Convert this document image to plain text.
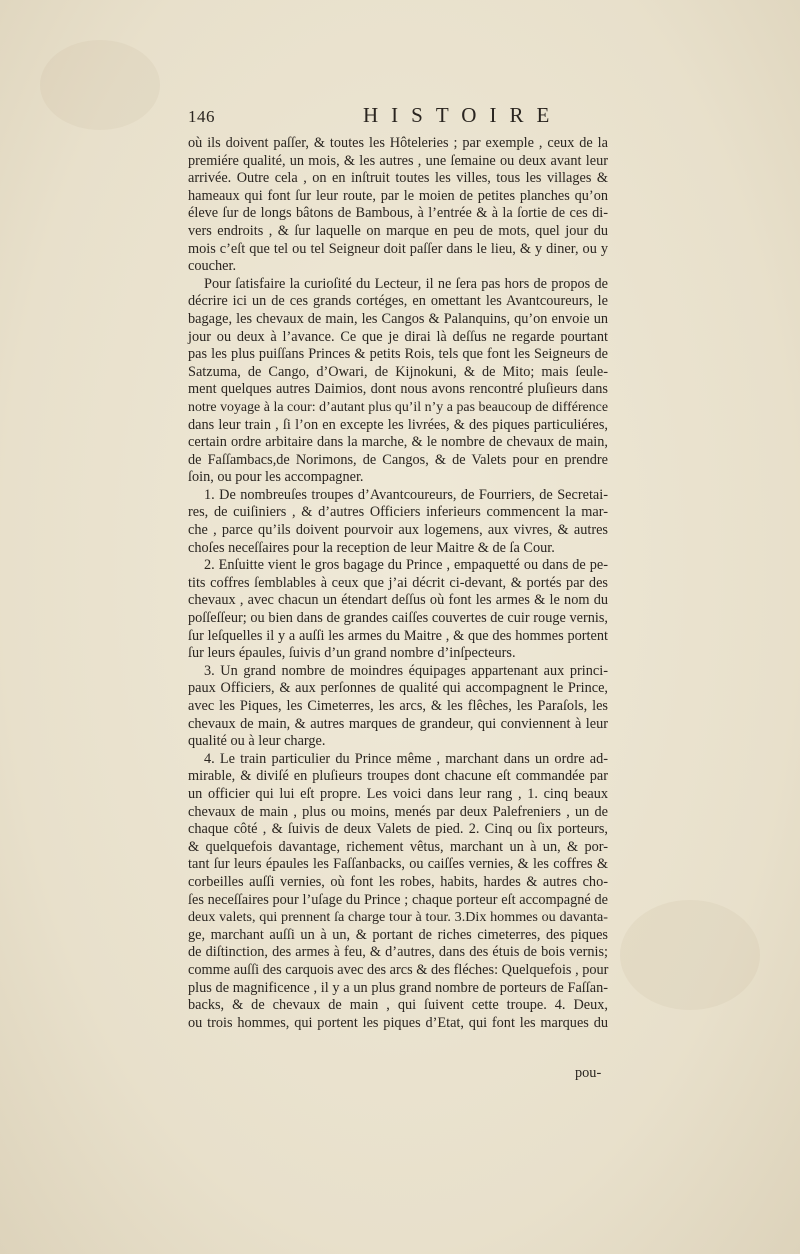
146	HISTOIRE
où ils doivent paſſer, & toutes les Hôteleries ; par exemple , ceux de la
premiére qualité, un mois, & les autres , une ſemaine ou deux avant leur
arrivée. Outre cela , on en inſtruit toutes les villes, tous les villages &
hameaux qui font ſur leur route, par le moien de petites planches qu’on
éleve ſur de longs bâtons de Bambous, à l’entrée & à la ſortie de ces di-
vers endroits , & ſur laquelle on marque en peu de mots, quel jour du
mois c’eſt que tel ou tel Seigneur doit paſſer dans le lieu, & y diner, ou y
coucher.
Pour ſatisfaire la curioſité du Lecteur, il ne ſera pas hors de propos de
décrire ici un de ces grands cortéges, en omettant les Avantcoureurs, le
bagage, les chevaux de main, les Cangos & Palanquins, qu’on envoie un
jour ou deux à l’avance. Ce que je dirai là deſſus ne regarde pourtant
pas les plus puiſſans Princes & petits Rois, tels que font les Seigneurs de
Satzuma, de Cango, d’Owari, de Kijnokuni, & de Mito; mais ſeule-
ment quelques autres Daimios, dont nous avons rencontré pluſieurs dans
notre voyage à la cour: d’autant plus qu’il n’y a pas beaucoup de différence
dans leur train , ſi l’on en excepte les livrées, & des piques particuliéres,
certain ordre arbitaire dans la marche, & le nombre de chevaux de main,
de Faſſambacs,de Norimons, de Cangos, & de Valets pour en prendre
ſoin, ou pour les accompagner.
1. De nombreuſes troupes d’Avantcoureurs, de Fourriers, de Secretai-
res, de cuiſiniers , & d’autres Officiers inferieurs commencent la mar-
che , parce qu’ils doivent pourvoir aux logemens, aux vivres, & autres
choſes neceſſaires pour la reception de leur Maitre & de ſa Cour.
2. Enſuitte vient le gros bagage du Prince , empaquetté ou dans de pe-
tits coffres ſemblables à ceux que j’ai décrit ci-devant, & portés par des
chevaux , avec chacun un étendart deſſus où font les armes & le nom du
poſſeſſeur; ou bien dans de grandes caiſſes couvertes de cuir rouge vernis,
ſur leſquelles il y a auſſi les armes du Maitre , & que des hommes portent
ſur leurs épaules, ſuivis d’un grand nombre d’inſpecteurs.
3. Un grand nombre de moindres équipages appartenant aux princi-
paux Officiers, & aux perſonnes de qualité qui accompagnent le Prince,
avec les Piques, les Cimeterres, les arcs, & les flêches, les Paraſols, les
chevaux de main, & autres marques de grandeur, qui conviennent à leur
qualité ou à leur charge.
4. Le train particulier du Prince même , marchant dans un ordre ad-
mirable, & diviſé en pluſieurs troupes dont chacune eſt commandée par
un officier qui lui eſt propre. Les voici dans leur rang , 1. cinq beaux
chevaux de main , plus ou moins, menés par deux Palefreniers , un de
chaque côté , & ſuivis de deux Valets de pied. 2. Cinq ou ſix porteurs,
& quelquefois davantage, richement vêtus, marchant un à un, & por-
tant ſur leurs épaules les Faſſanbacks, ou caiſſes vernies, & les coffres &
corbeilles auſſi vernies, où font les robes, habits, hardes & autres cho-
ſes neceſſaires pour l’uſage du Prince ; chaque porteur eſt accompagné de
deux valets, qui prennent ſa charge tour à tour. 3.Dix hommes ou davanta-
ge, marchant auſſi un à un, & portant de riches cimeterres, des piques
de diſtinction, des armes à feu, & d’autres, dans des étuis de bois vernis;
comme auſſi des carquois avec des arcs & des fléches: Quelquefois , pour
plus de magnificence , il y a un plus grand nombre de porteurs de Faſſan-
backs, & de chevaux de main , qui ſuivent cette troupe. 4. Deux,
ou trois hommes, qui portent les piques d’Etat, qui font les marques du
pou-
